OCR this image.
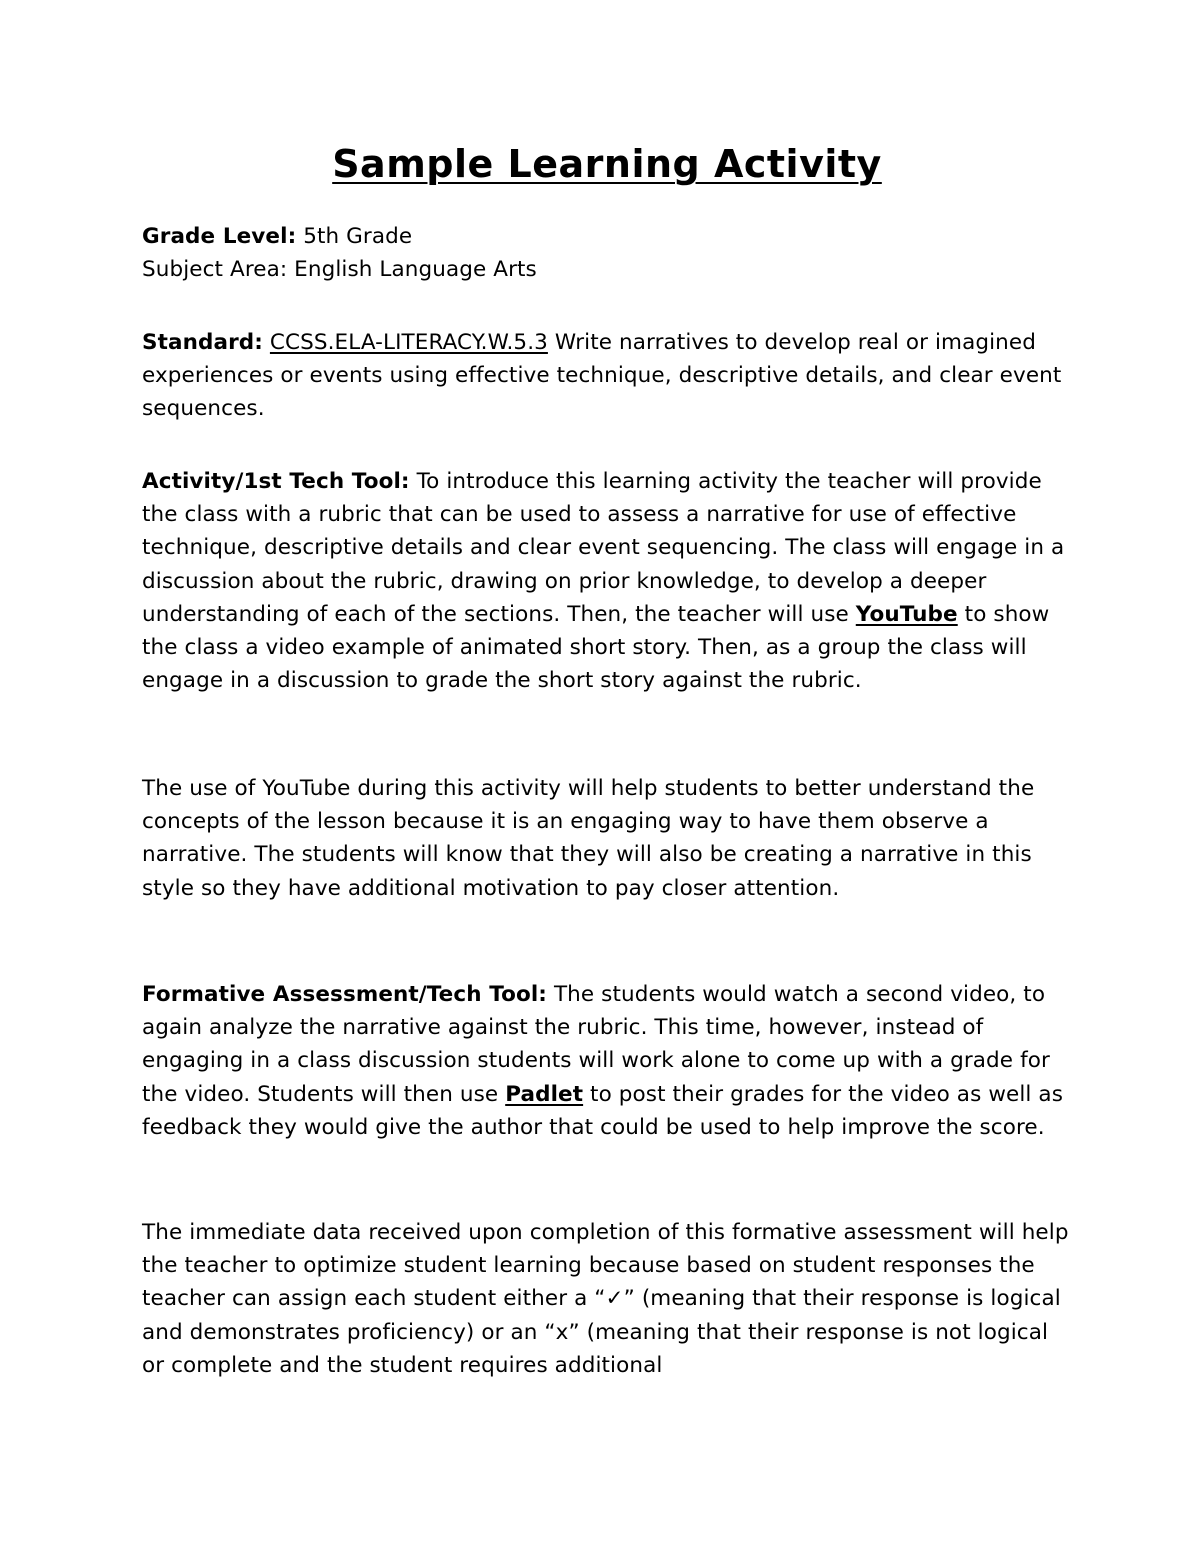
Sample Learning Activity

Grade Level: 5th Grade
Subject Area: English Language Arts

Standard: CCSS.ELA-LITERACY.W.5.3 Write narratives to develop real or imagined experiences or events using effective technique, descriptive details, and clear event sequences.

Activity/1st Tech Tool: To introduce this learning activity the teacher will provide the class with a rubric that can be used to assess a narrative for use of effective technique, descriptive details and clear event sequencing. The class will engage in a discussion about the rubric, drawing on prior knowledge, to develop a deeper understanding of each of the sections. Then, the teacher will use YouTube to show the class a video example of animated short story. Then, as a group the class will engage in a discussion to grade the short story against the rubric.

The use of YouTube during this activity will help students to better understand the concepts of the lesson because it is an engaging way to have them observe a narrative. The students will know that they will also be creating a narrative in this style so they have additional motivation to pay closer attention.

Formative Assessment/Tech Tool: The students would watch a second video, to again analyze the narrative against the rubric. This time, however, instead of engaging in a class discussion students will work alone to come up with a grade for the video. Students will then use Padlet to post their grades for the video as well as feedback they would give the author that could be used to help improve the score.

The immediate data received upon completion of this formative assessment will help the teacher to optimize student learning because based on student responses the teacher can assign each student either a “✓” (meaning that their response is logical and demonstrates proficiency) or an “x” (meaning that their response is not logical or complete and the student requires additional
